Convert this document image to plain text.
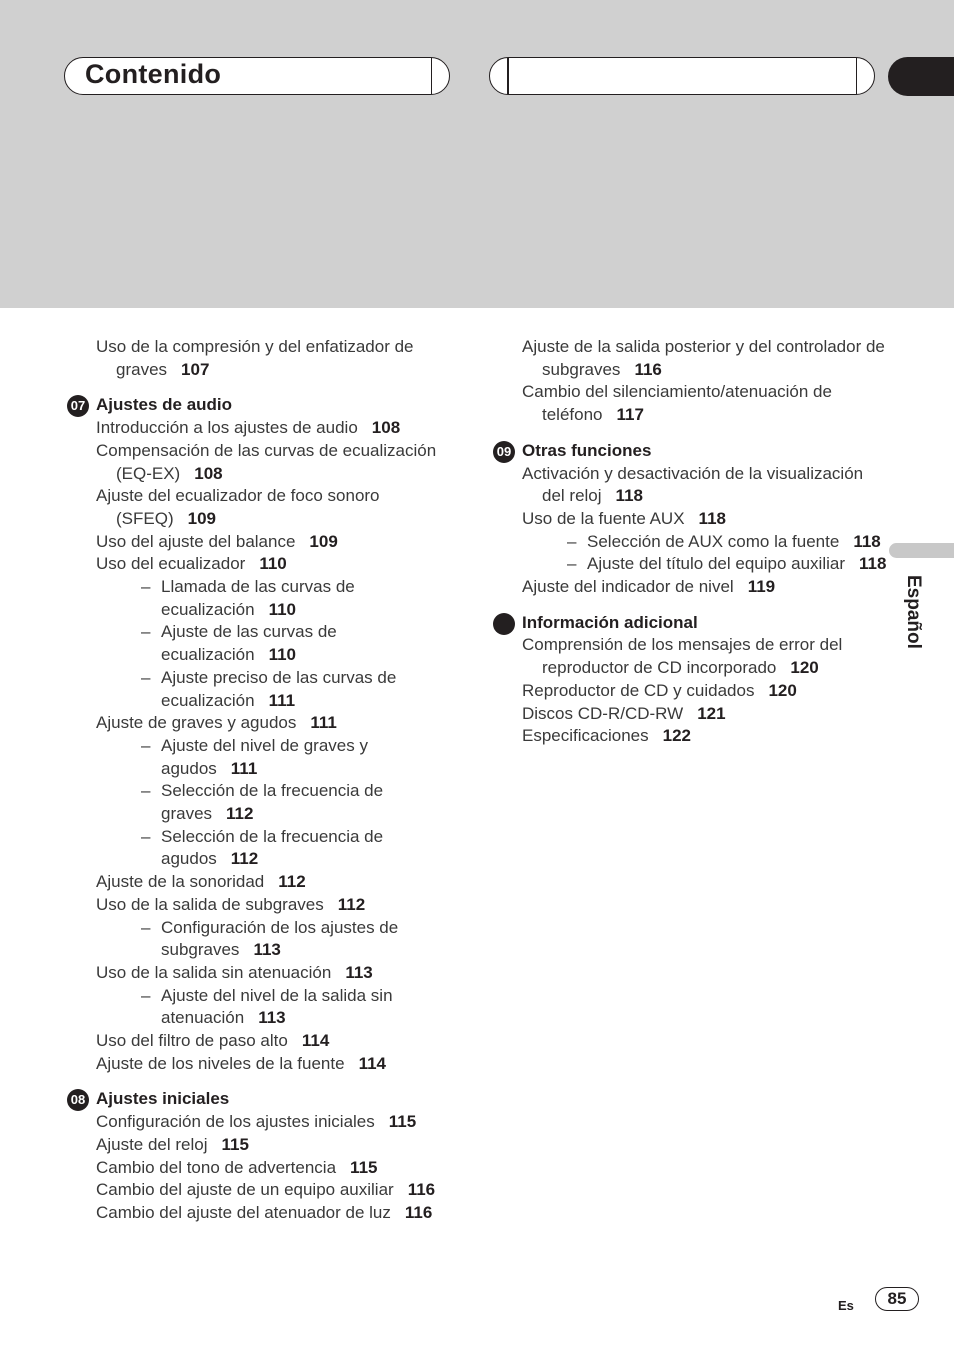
Contenido
Uso de la compresión y del enfatizador de graves 107
07 Ajustes de audio
Introducción a los ajustes de audio 108
Compensación de las curvas de ecualización (EQ-EX) 108
Ajuste del ecualizador de foco sonoro (SFEQ) 109
Uso del ajuste del balance 109
Uso del ecualizador 110
– Llamada de las curvas de ecualización 110
– Ajuste de las curvas de ecualización 110
– Ajuste preciso de las curvas de ecualización 111
Ajuste de graves y agudos 111
– Ajuste del nivel de graves y agudos 111
– Selección de la frecuencia de graves 112
– Selección de la frecuencia de agudos 112
Ajuste de la sonoridad 112
Uso de la salida de subgraves 112
– Configuración de los ajustes de subgraves 113
Uso de la salida sin atenuación 113
– Ajuste del nivel de la salida sin atenuación 113
Uso del filtro de paso alto 114
Ajuste de los niveles de la fuente 114
08 Ajustes iniciales
Configuración de los ajustes iniciales 115
Ajuste del reloj 115
Cambio del tono de advertencia 115
Cambio del ajuste de un equipo auxiliar 116
Cambio del ajuste del atenuador de luz 116
Ajuste de la salida posterior y del controlador de subgraves 116
Cambio del silenciamiento/atenuación de teléfono 117
09 Otras funciones
Activación y desactivación de la visualización del reloj 118
Uso de la fuente AUX 118
– Selección de AUX como la fuente 118
– Ajuste del título del equipo auxiliar 118
Ajuste del indicador de nivel 119
Información adicional
Comprensión de los mensajes de error del reproductor de CD incorporado 120
Reproductor de CD y cuidados 120
Discos CD-R/CD-RW 121
Especificaciones 122
Español
Es	85
